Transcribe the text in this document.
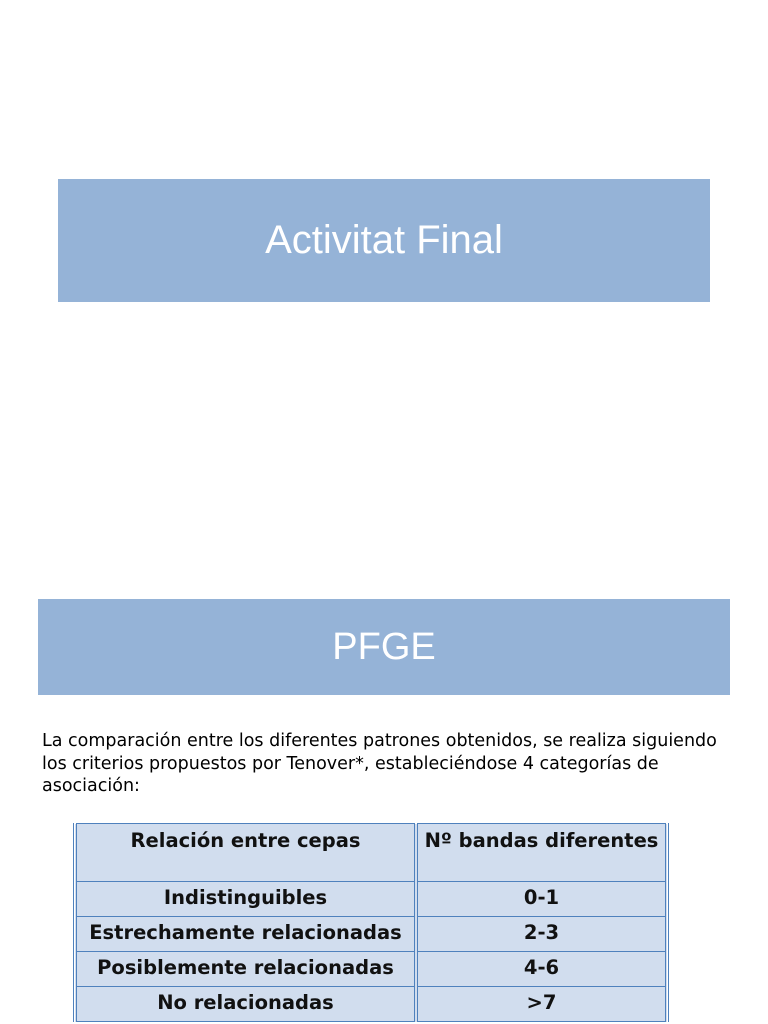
Activitat Final
PFGE

La comparación entre los diferentes patrones obtenidos, se realiza siguiendo los criterios propuestos por Tenover*, estableciéndose 4 categorías de asociación:

Relación entre cepas	Nº bandas diferentes

Indistinguibles	0-1

Estrechamente relacionadas	2-3

Posiblemente relacionadas	4-6

No relacionadas	>7
